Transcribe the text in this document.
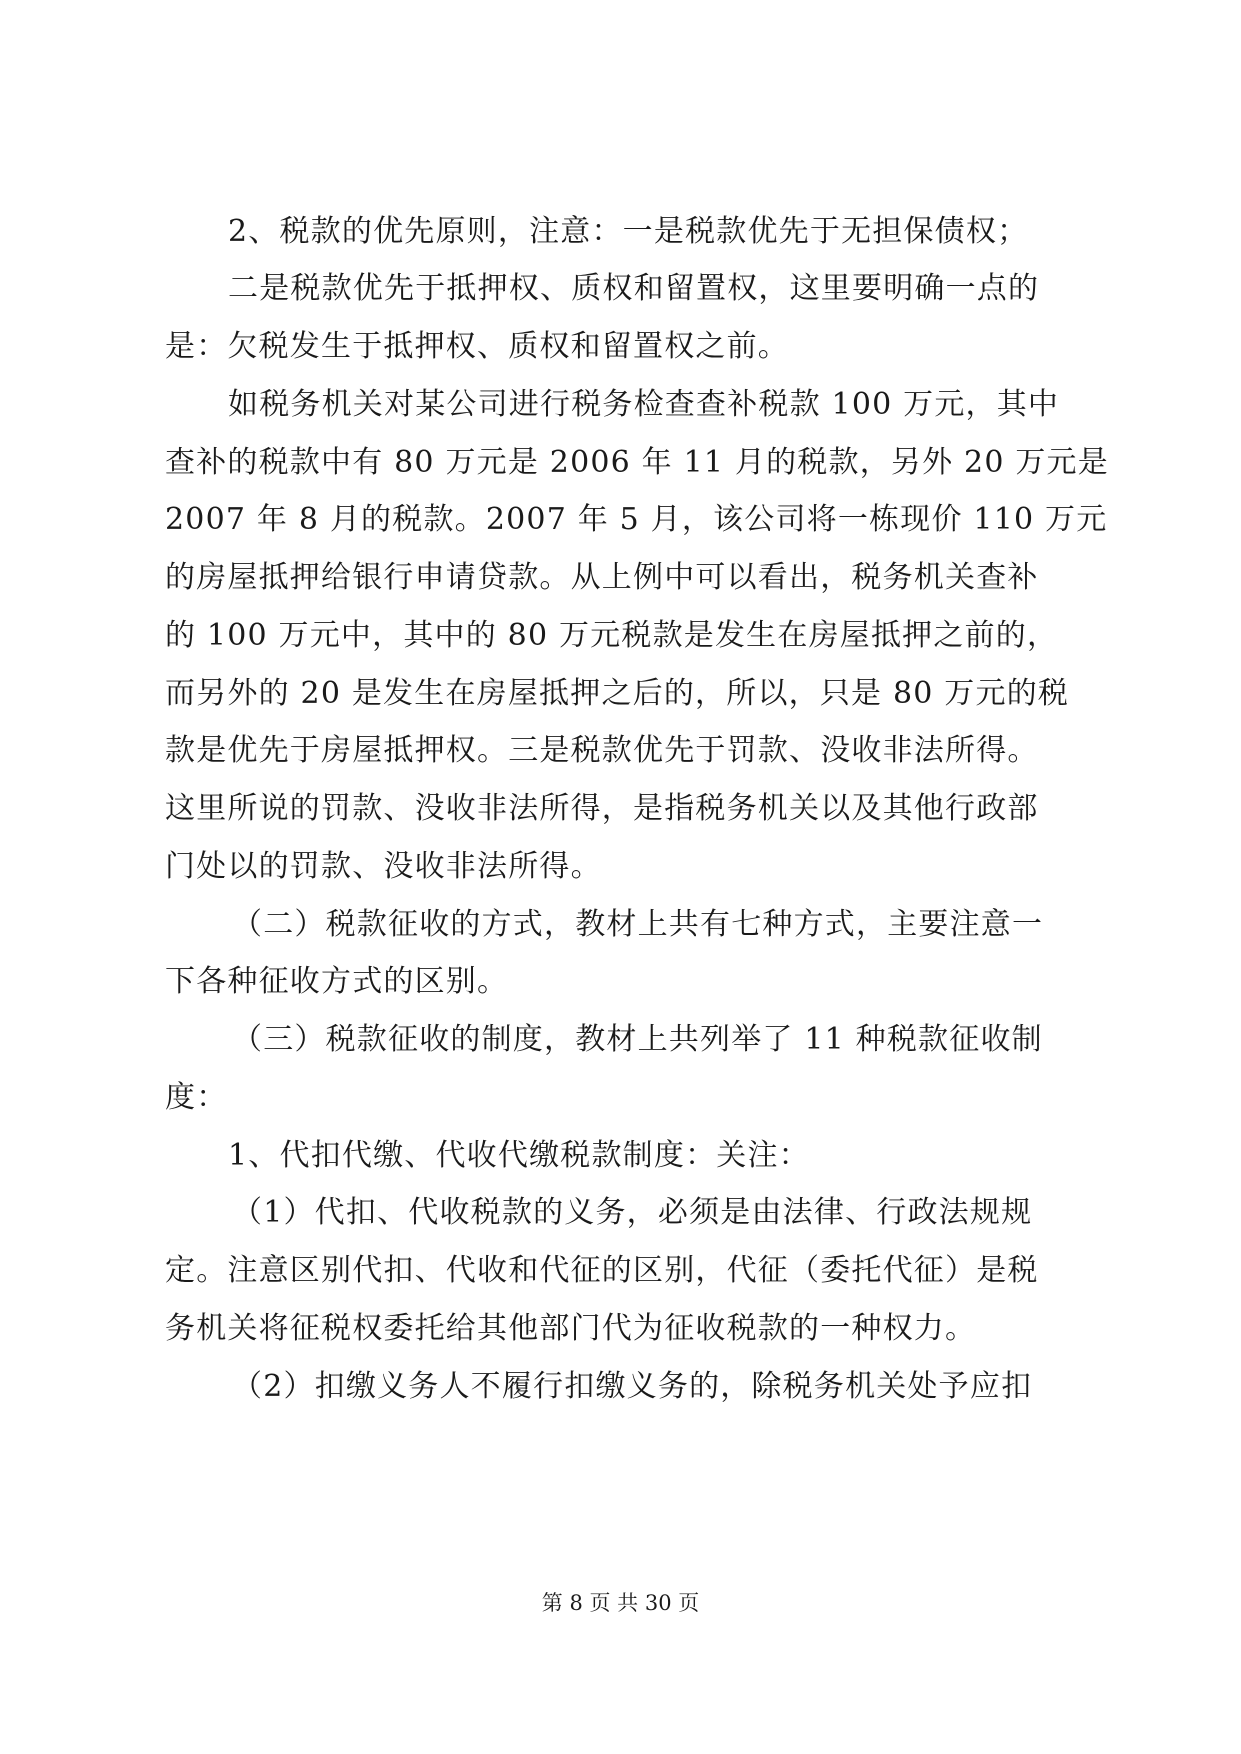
2、税款的优先原则，注意：一是税款优先于无担保债权；
二是税款优先于抵押权、质权和留置权，这里要明确一点的
是：欠税发生于抵押权、质权和留置权之前。
如税务机关对某公司进行税务检查查补税款 100 万元，其中
查补的税款中有 80 万元是 2006 年 11 月的税款，另外 20 万元是
2007 年 8 月的税款。2007 年 5 月，该公司将一栋现价 110 万元
的房屋抵押给银行申请贷款。从上例中可以看出，税务机关查补
的 100 万元中，其中的 80 万元税款是发生在房屋抵押之前的，
而另外的 20 是发生在房屋抵押之后的，所以，只是 80 万元的税
款是优先于房屋抵押权。三是税款优先于罚款、没收非法所得。
这里所说的罚款、没收非法所得，是指税务机关以及其他行政部
门处以的罚款、没收非法所得。
（二）税款征收的方式，教材上共有七种方式，主要注意一
下各种征收方式的区别。
（三）税款征收的制度，教材上共列举了 11 种税款征收制
度：
1、代扣代缴、代收代缴税款制度：关注：
（1）代扣、代收税款的义务，必须是由法律、行政法规规
定。注意区别代扣、代收和代征的区别，代征（委托代征）是税
务机关将征税权委托给其他部门代为征收税款的一种权力。
（2）扣缴义务人不履行扣缴义务的，除税务机关处予应扣
第 8 页 共 30 页
